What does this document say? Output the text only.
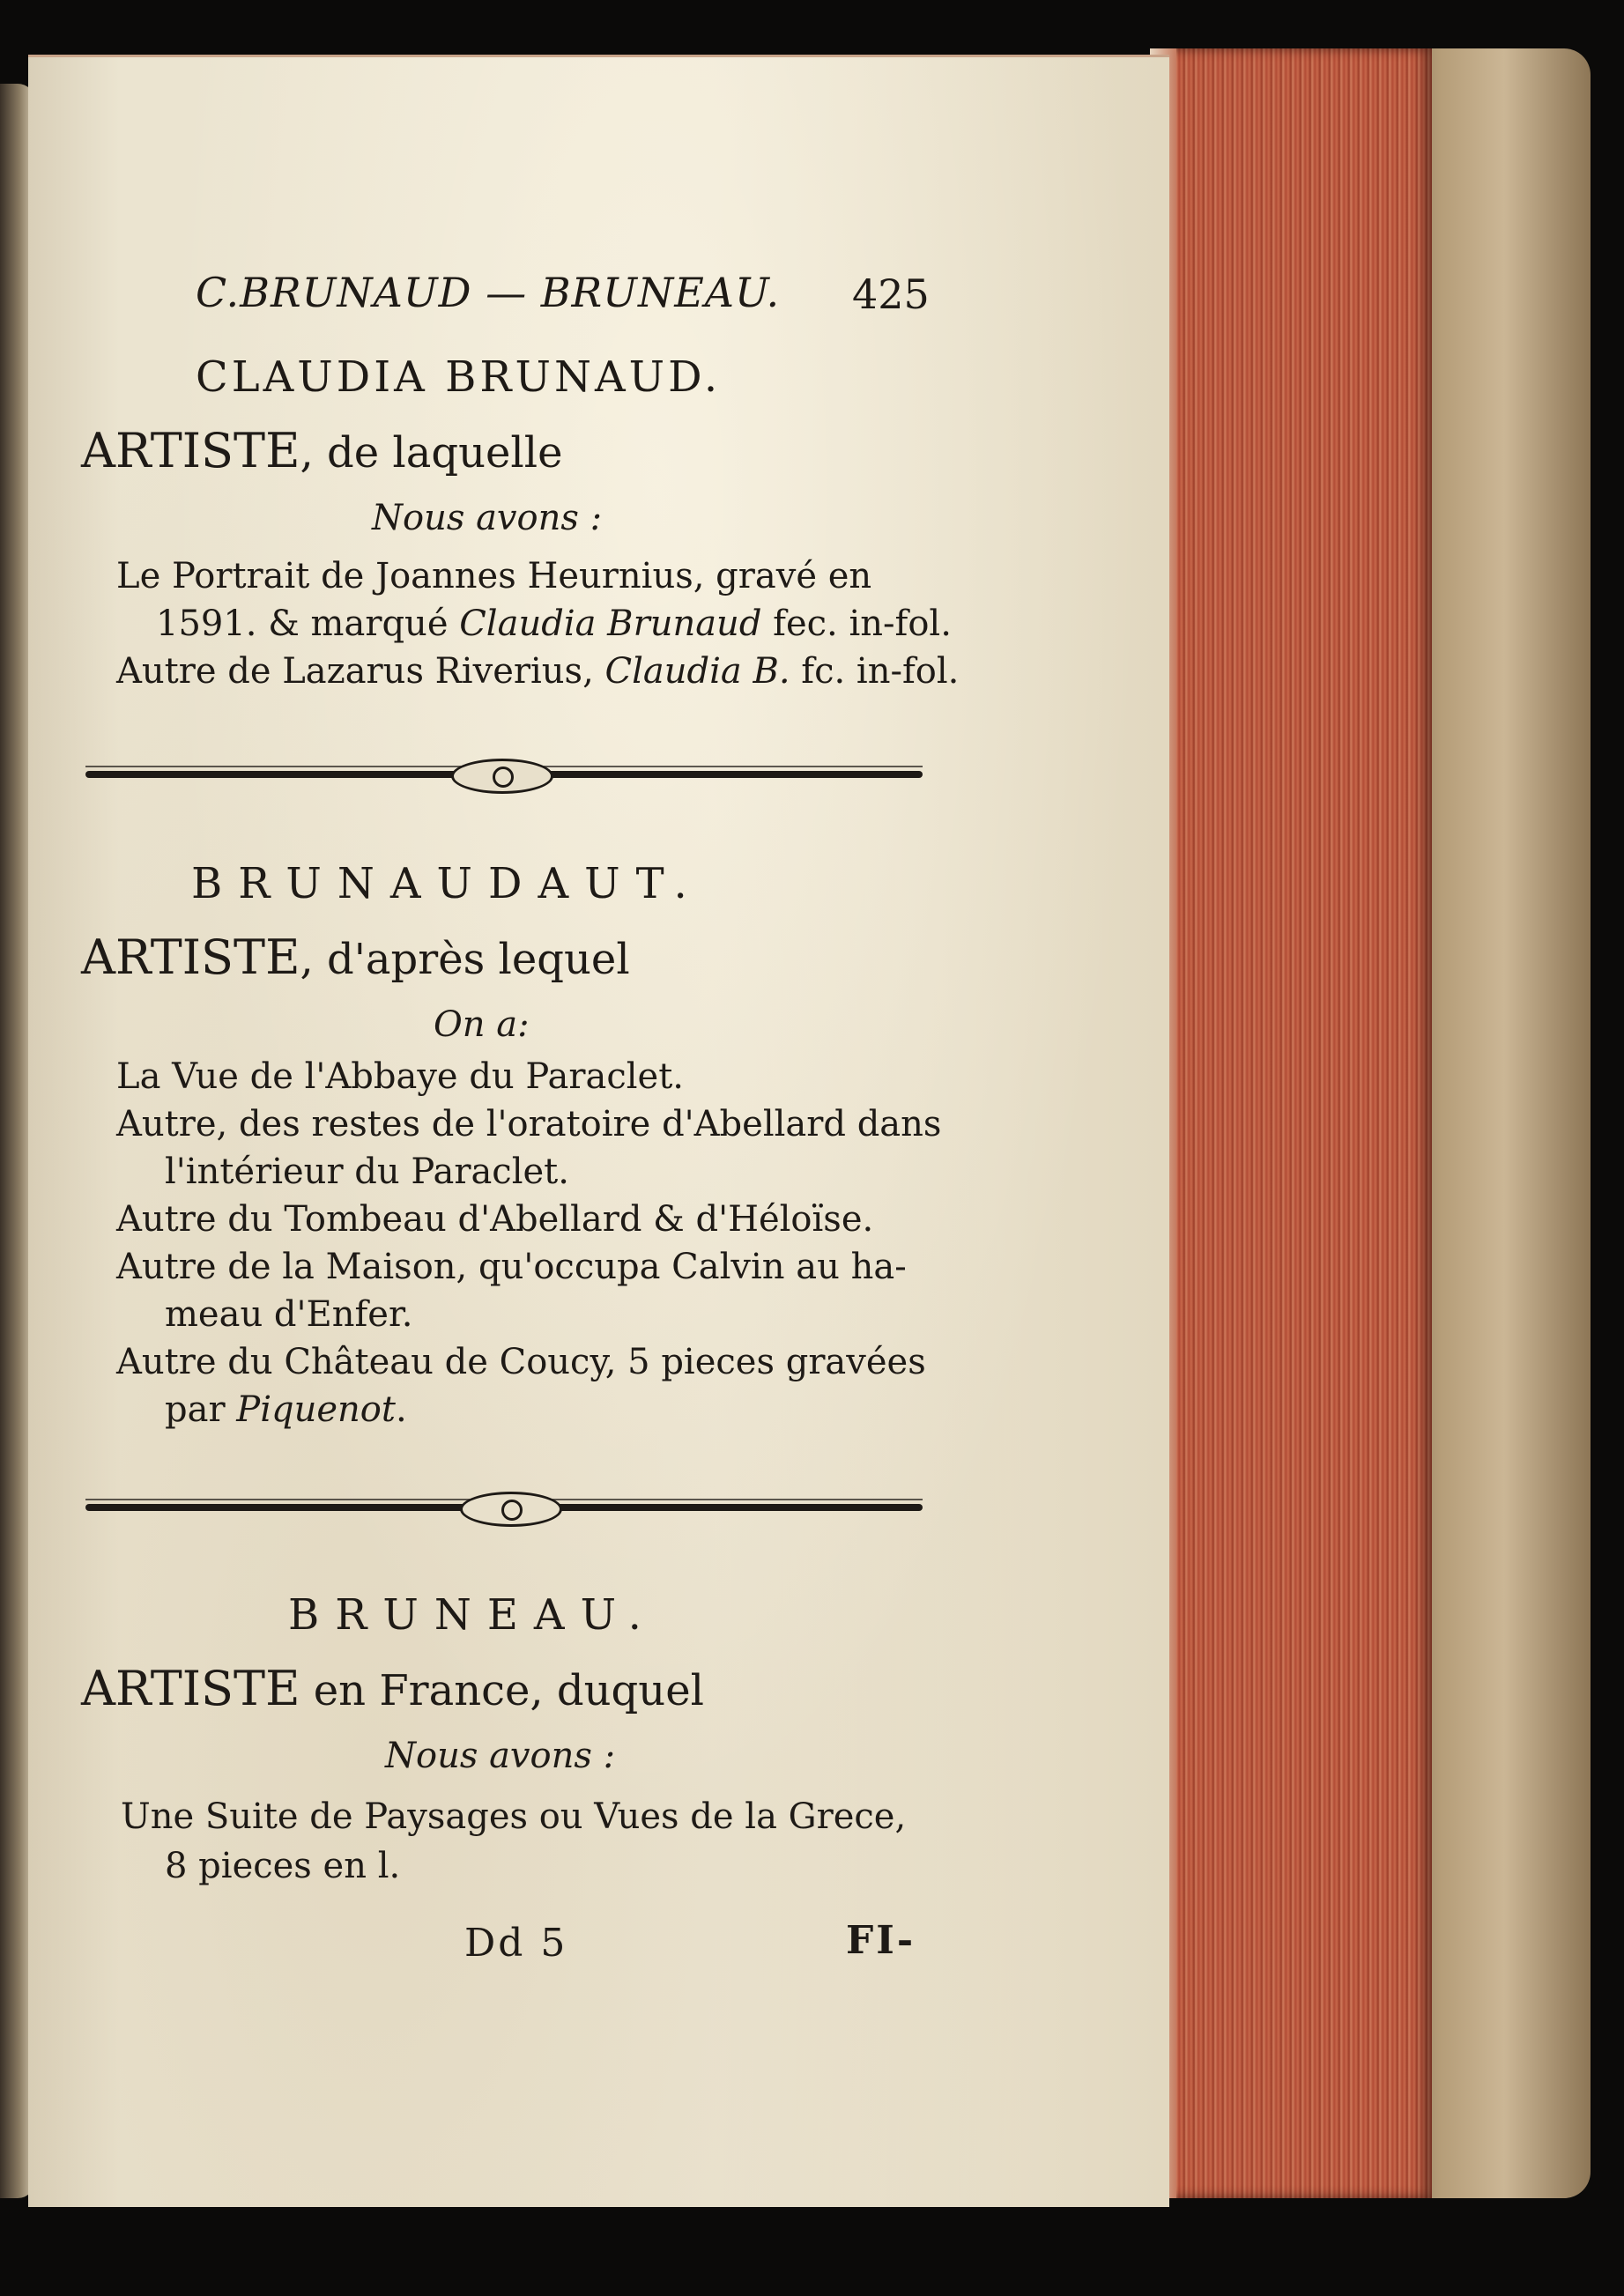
C.BRUNAUD — BRUNEAU. 425
CLAUDIA BRUNAUD.
ARTISTE, de laquelle
Nous avons :
Le Portrait de Joannes Heurnius, gravé en
1591. & marqué Claudia Brunaud fec. in-fol.
Autre de Lazarus Riverius, Claudia B. fc. in-fol.
BRUNAUDAUT.
ARTISTE, d'après lequel
On a:
La Vue de l'Abbaye du Paraclet.
Autre, des restes de l'oratoire d'Abellard dans
l'intérieur du Paraclet.
Autre du Tombeau d'Abellard & d'Héloïse.
Autre de la Maison, qu'occupa Calvin au ha-
meau d'Enfer.
Autre du Château de Coucy, 5 pieces gravées
par Piquenot.
BRUNEAU.
ARTISTE en France, duquel
Nous avons :
Une Suite de Paysages ou Vues de la Grece,
8 pieces en l.
Dd 5	FI-
